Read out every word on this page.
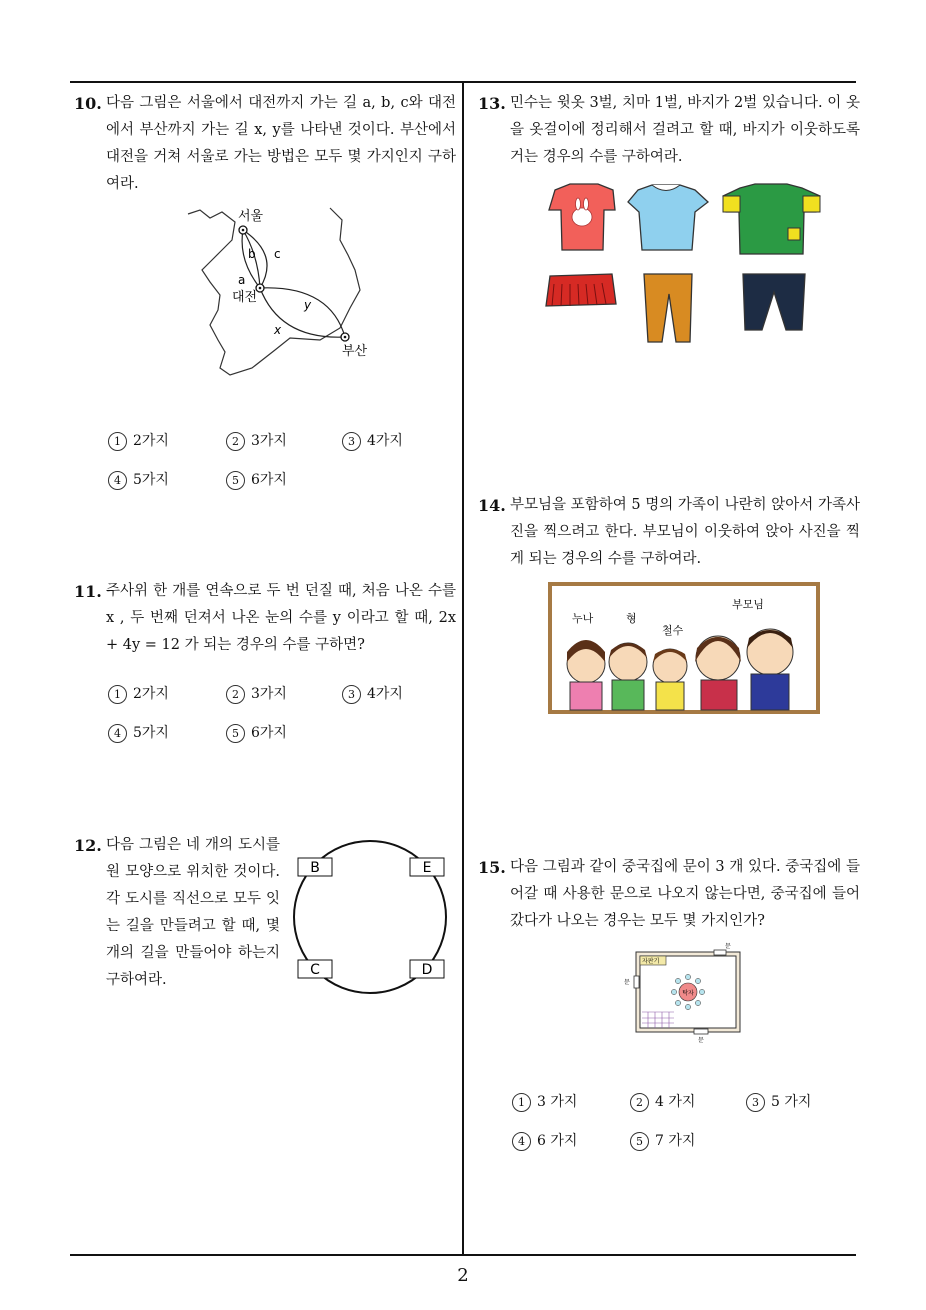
10. 다음 그림은 서울에서 대전까지 가는 길 a, b, c와 대전에서 부산까지 가는 길 x, y를 나타낸 것이다. 부산에서 대전을 거쳐 서울로 가는 방법은 모두 몇 가지인지 구하여라.
서울
대전
부산
a
b c
x
y
1 2가지	2 3가지	3 4가지
4 5가지	5 6가지
11. 주사위 한 개를 연속으로 두 번 던질 때, 처음 나온 수를 x , 두 번째 던져서 나온 눈의 수를 y 이라고 할 때, 2x + 4y = 12 가 되는 경우의 수를 구하면?
1 2가지	2 3가지	3 4가지
4 5가지	5 6가지
12. 다음 그림은 네 개의 도시를 원 모양으로 위치한 것이다. 각 도시를 직선으로 모두 잇는 길을 만들려고 할 때, 몇 개의 길을 만들어야 하는지 구하여라.
B	E
C	D
13. 민수는 윗옷 3벌, 치마 1벌, 바지가 2벌 있습니다. 이 옷을 옷걸이에 정리해서 걸려고 할 때, 바지가 이웃하도록 거는 경우의 수를 구하여라.
14. 부모님을 포함하여 5 명의 가족이 나란히 앉아서 가족사진을 찍으려고 한다. 부모님이 이웃하여 앉아 사진을 찍게 되는 경우의 수를 구하여라.
누나	형
철수
부모님
15. 다음 그림과 같이 중국집에 문이 3 개 있다. 중국집에 들어갈 때 사용한 문으로 나오지 않는다면, 중국집에 들어갔다가 나오는 경우는 모두 몇 가지인가?
자판기
탁자
문
문
문
1 3 가지	2 4 가지	3 5 가지
4 6 가지	5 7 가지
2
